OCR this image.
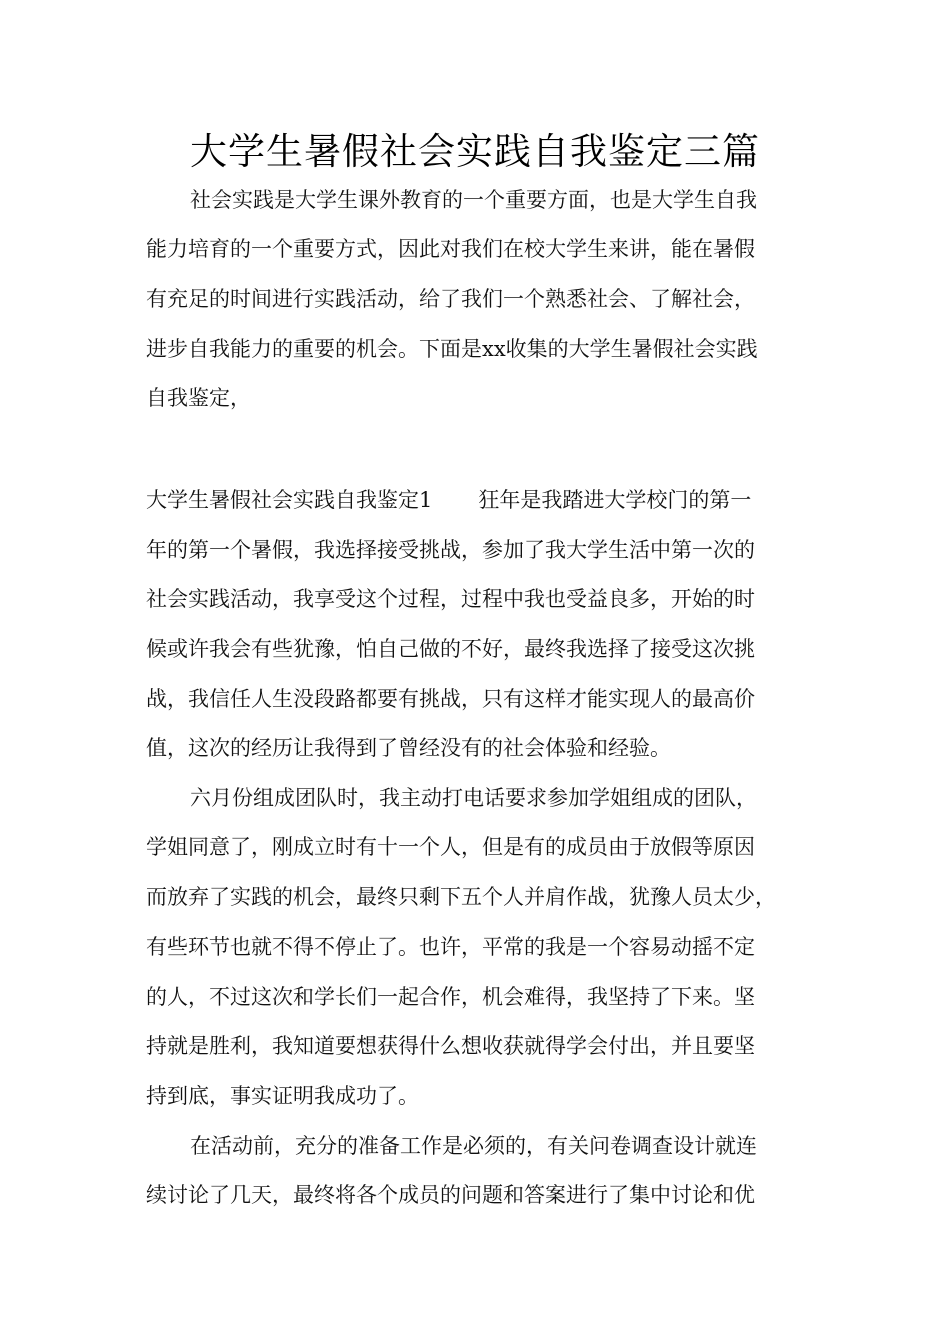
大学生暑假社会实践自我鉴定三篇
社会实践是大学生课外教育的一个重要方面，也是大学生自我
能力培育的一个重要方式，因此对我们在校大学生来讲，能在暑假
有充足的时间进行实践活动，给了我们一个熟悉社会、了解社会，
进步自我能力的重要的机会。下面是xx收集的大学生暑假社会实践
自我鉴定，
大学生暑假社会实践自我鉴定1 狂年是我踏进大学校门的第一
年的第一个暑假，我选择接受挑战，参加了我大学生活中第一次的
社会实践活动，我享受这个过程，过程中我也受益良多，开始的时
候或许我会有些犹豫，怕自己做的不好，最终我选择了接受这次挑
战，我信任人生没段路都要有挑战，只有这样才能实现人的最高价
值，这次的经历让我得到了曾经没有的社会体验和经验。
六月份组成团队时，我主动打电话要求参加学姐组成的团队，
学姐同意了，刚成立时有十一个人，但是有的成员由于放假等原因
而放弃了实践的机会，最终只剩下五个人并肩作战，犹豫人员太少，
有些环节也就不得不停止了。也许，平常的我是一个容易动摇不定
的人，不过这次和学长们一起合作，机会难得，我坚持了下来。坚
持就是胜利，我知道要想获得什么想收获就得学会付出，并且要坚
持到底，事实证明我成功了。
在活动前，充分的准备工作是必须的，有关问卷调查设计就连
续讨论了几天，最终将各个成员的问题和答案进行了集中讨论和优
